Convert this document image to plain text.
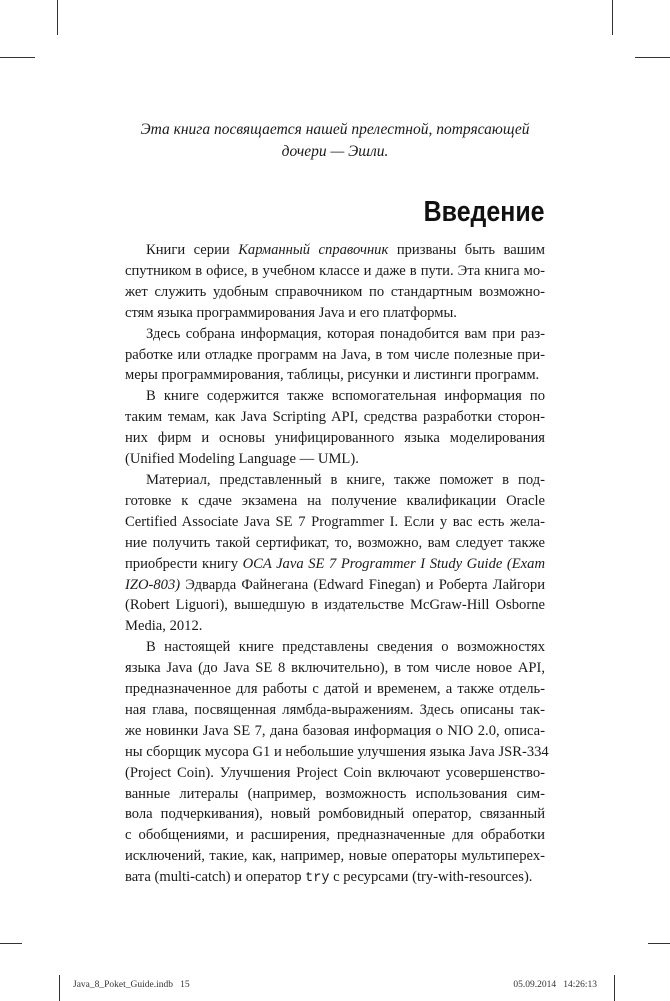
Эта книга посвящается нашей прелестной, потрясающей
дочери — Эшли.
Введение
Книги серии Карманный справочник призваны быть вашим
спутником в офисе, в учебном классе и даже в пути. Эта книга мо-
жет служить удобным справочником по стандартным возможно-
стям языка программирования Java и его платформы.
Здесь собрана информация, которая понадобится вам при раз-
работке или отладке программ на Java, в том числе полезные при-
меры программирования, таблицы, рисунки и листинги программ.
В книге содержится также вспомогательная информация по
таким темам, как Java Scripting API, средства разработки сторон-
них фирм и основы унифицированного языка моделирования
(Unified Modeling Language — UML).
Материал, представленный в книге, также поможет в под-
готовке к сдаче экзамена на получение квалификации Oracle
Certified Associate Java SE 7 Programmer I. Если у вас есть жела-
ние получить такой сертификат, то, возможно, вам следует также
приобрести книгу OCA Java SE 7 Programmer I Study Guide (Exam
IZO-803) Эдварда Файнегана (Edward Finegan) и Роберта Лайгори
(Robert Liguori), вышедшую в издательстве McGraw-Hill Osborne
Media, 2012.
В настоящей книге представлены сведения о возможностях
языка Java (до Java SE 8 включительно), в том числе новое API,
предназначенное для работы с датой и временем, а также отдель-
ная глава, посвященная лямбда-выражениям. Здесь описаны так-
же новинки Java SE 7, дана базовая информация о NIO 2.0, описа-
ны сборщик мусора G1 и небольшие улучшения языка Java JSR-334
(Project Coin). Улучшения Project Coin включают усовершенство-
ванные литералы (например, возможность использования сим-
вола подчеркивания), новый ромбовидный оператор, связанный
с обобщениями, и расширения, предназначенные для обработки
исключений, такие, как, например, новые операторы мультиперех-
вата (multi-catch) и оператор try с ресурсами (try-with-resources).
Java_8_Poket_Guide.indb   15	05.09.2014   14:26:13
